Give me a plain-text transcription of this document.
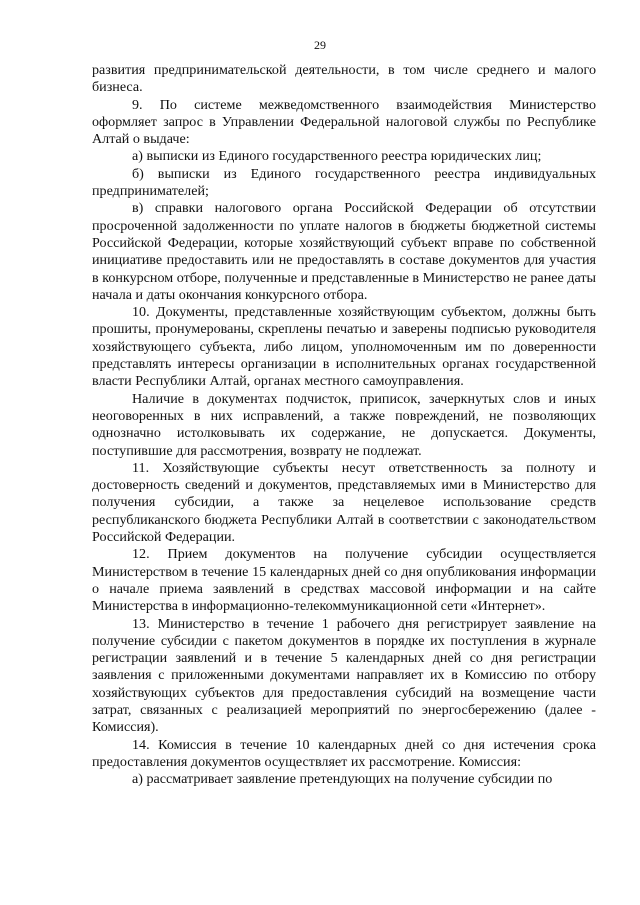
29

развития предпринимательской деятельности, в том числе среднего и малого бизнеса.

9. По системе межведомственного взаимодействия Министерство оформляет запрос в Управлении Федеральной налоговой службы по Республике Алтай о выдаче:

а) выписки из Единого государственного реестра юридических лиц;

б) выписки из Единого государственного реестра индивидуальных предпринимателей;

в) справки налогового органа Российской Федерации об отсутствии просроченной задолженности по уплате налогов в бюджеты бюджетной системы Российской Федерации, которые хозяйствующий субъект вправе по собственной инициативе предоставить или не предоставлять в составе документов для участия в конкурсном отборе, полученные и представленные в Министерство не ранее даты начала и даты окончания конкурсного отбора.

10. Документы, представленные хозяйствующим субъектом, должны быть прошиты, пронумерованы, скреплены печатью и заверены подписью руководителя хозяйствующего субъекта, либо лицом, уполномоченным им по доверенности представлять интересы организации в исполнительных органах государственной власти Республики Алтай, органах местного самоуправления.

Наличие в документах подчисток, приписок, зачеркнутых слов и иных неоговоренных в них исправлений, а также повреждений, не позволяющих однозначно истолковывать их содержание, не допускается. Документы, поступившие для рассмотрения, возврату не подлежат.

11. Хозяйствующие субъекты несут ответственность за полноту и достоверность сведений и документов, представляемых ими в Министерство для получения субсидии, а также за нецелевое использование средств республиканского бюджета Республики Алтай в соответствии с законодательством Российской Федерации.

12. Прием документов на получение субсидии осуществляется Министерством в течение 15 календарных дней со дня опубликования информации о начале приема заявлений в средствах массовой информации и на сайте Министерства в информационно-телекоммуникационной сети «Интернет».

13. Министерство в течение 1 рабочего дня регистрирует заявление на получение субсидии с пакетом документов в порядке их поступления в журнале регистрации заявлений и в течение 5 календарных дней со дня регистрации заявления с приложенными документами направляет их в Комиссию по отбору хозяйствующих субъектов для предоставления субсидий на возмещение части затрат, связанных с реализацией мероприятий по энергосбережению (далее - Комиссия).

14. Комиссия в течение 10 календарных дней со дня истечения срока предоставления документов осуществляет их рассмотрение. Комиссия:

а) рассматривает заявление претендующих на получение субсидии по
